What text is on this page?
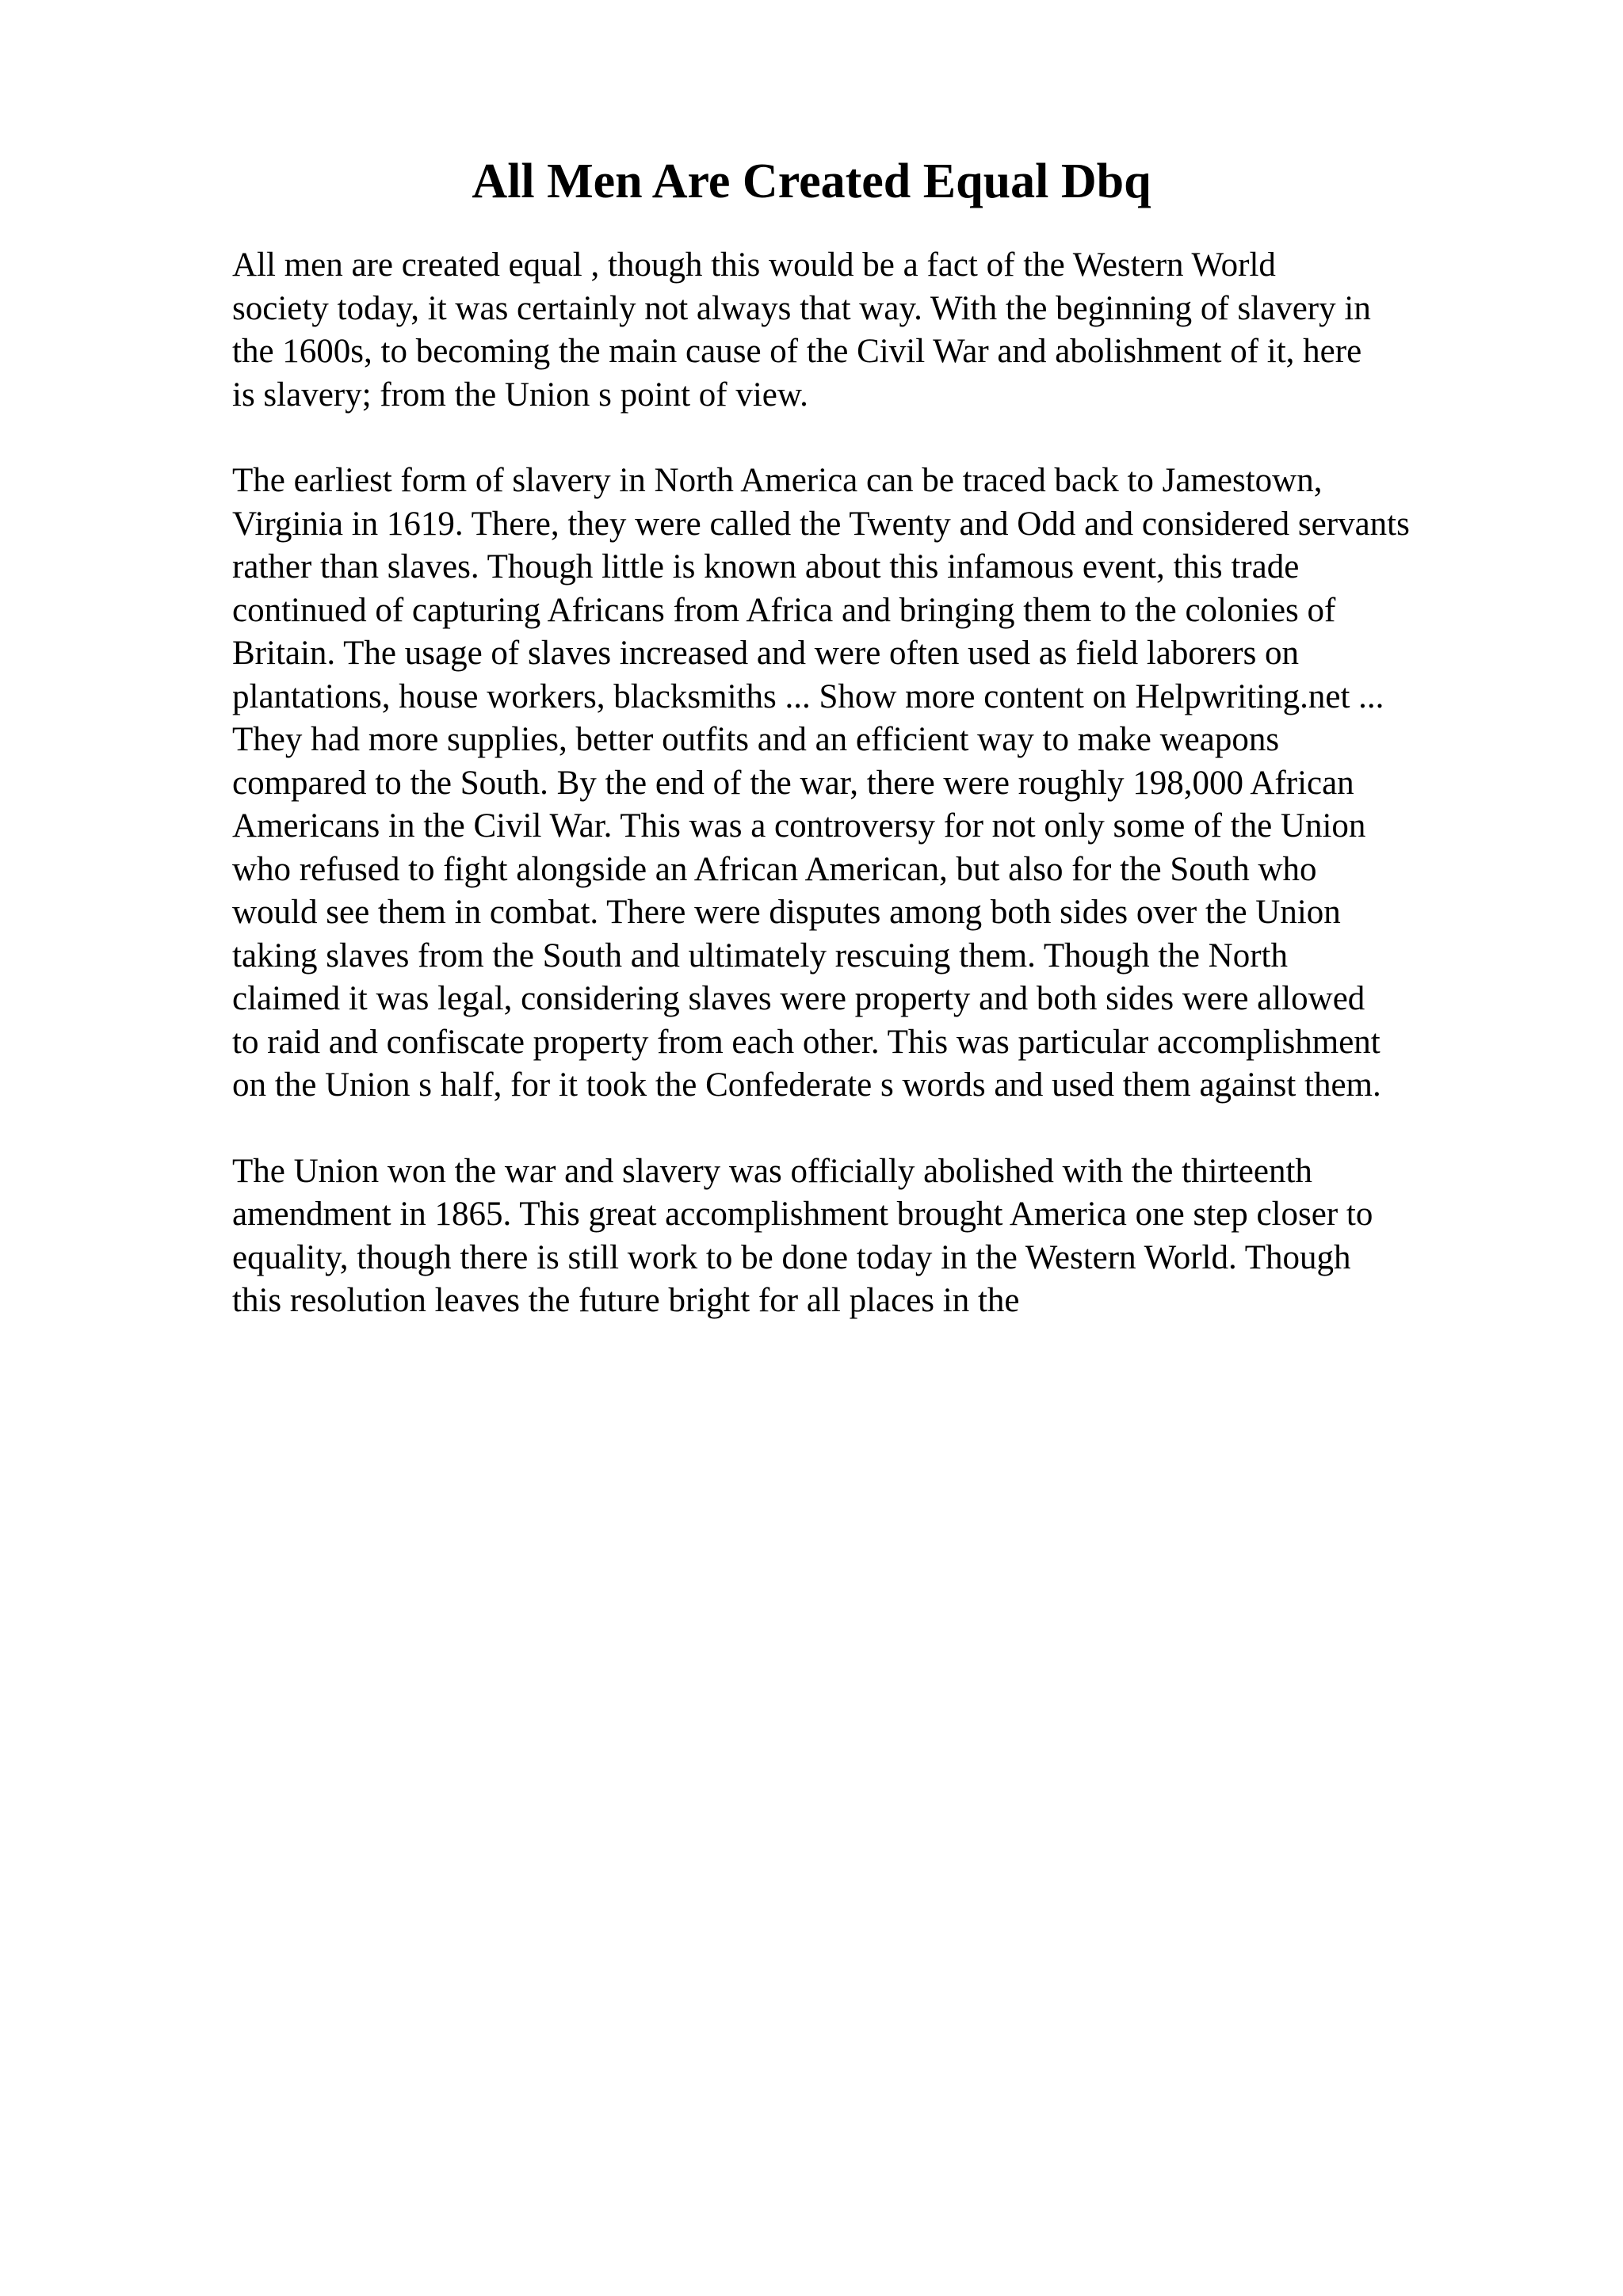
All Men Are Created Equal Dbq

All men are created equal , though this would be a fact of the Western World
society today, it was certainly not always that way. With the beginning of slavery in
the 1600s, to becoming the main cause of the Civil War and abolishment of it, here
is slavery; from the Union s point of view.

The earliest form of slavery in North America can be traced back to Jamestown,
Virginia in 1619. There, they were called the Twenty and Odd and considered servants
rather than slaves. Though little is known about this infamous event, this trade
continued of capturing Africans from Africa and bringing them to the colonies of
Britain. The usage of slaves increased and were often used as field laborers on
plantations, house workers, blacksmiths ... Show more content on Helpwriting.net ...
They had more supplies, better outfits and an efficient way to make weapons
compared to the South. By the end of the war, there were roughly 198,000 African
Americans in the Civil War. This was a controversy for not only some of the Union
who refused to fight alongside an African American, but also for the South who
would see them in combat. There were disputes among both sides over the Union
taking slaves from the South and ultimately rescuing them. Though the North
claimed it was legal, considering slaves were property and both sides were allowed
to raid and confiscate property from each other. This was particular accomplishment
on the Union s half, for it took the Confederate s words and used them against them.

The Union won the war and slavery was officially abolished with the thirteenth
amendment in 1865. This great accomplishment brought America one step closer to
equality, though there is still work to be done today in the Western World. Though
this resolution leaves the future bright for all places in the
